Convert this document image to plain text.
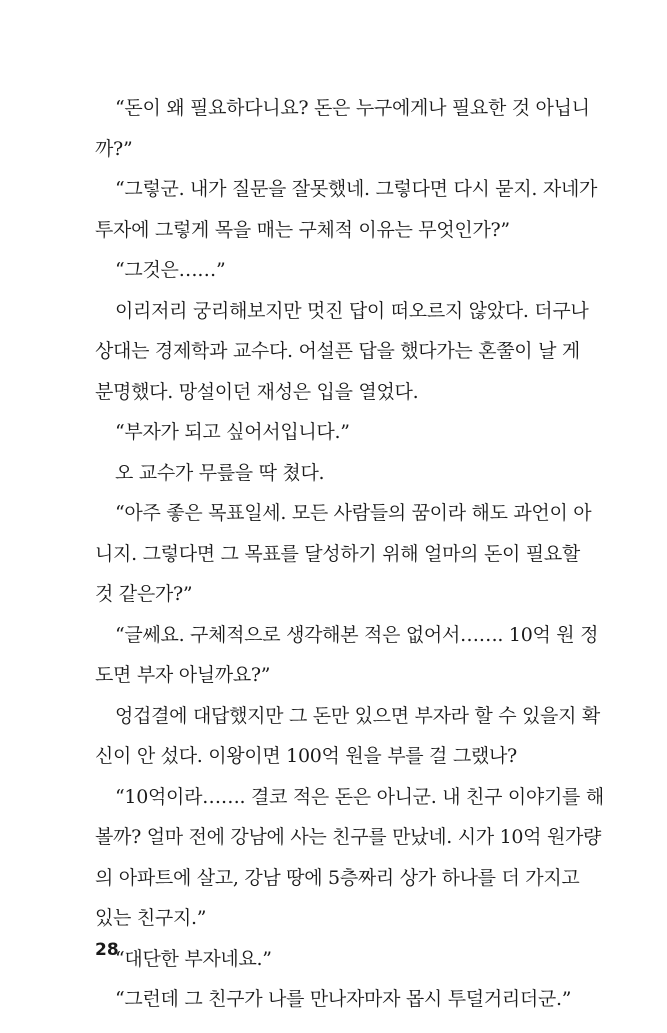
“돈이 왜 필요하다니요? 돈은 누구에게나 필요한 것 아닙니
까?”

“그렇군. 내가 질문을 잘못했네. 그렇다면 다시 묻지. 자네가
투자에 그렇게 목을 매는 구체적 이유는 무엇인가?”

“그것은……”

이리저리 궁리해보지만 멋진 답이 떠오르지 않았다. 더구나
상대는 경제학과 교수다. 어설픈 답을 했다가는 혼쭐이 날 게
분명했다. 망설이던 재성은 입을 열었다.

“부자가 되고 싶어서입니다.”

오 교수가 무릎을 딱 쳤다.

“아주 좋은 목표일세. 모든 사람들의 꿈이라 해도 과언이 아
니지. 그렇다면 그 목표를 달성하기 위해 얼마의 돈이 필요할
것 같은가?”

“글쎄요. 구체적으로 생각해본 적은 없어서……. 10억 원 정
도면 부자 아닐까요?”

엉겁결에 대답했지만 그 돈만 있으면 부자라 할 수 있을지 확
신이 안 섰다. 이왕이면 100억 원을 부를 걸 그랬나?

“10억이라……. 결코 적은 돈은 아니군. 내 친구 이야기를 해
볼까? 얼마 전에 강남에 사는 친구를 만났네. 시가 10억 원가량
의 아파트에 살고, 강남 땅에 5층짜리 상가 하나를 더 가지고
있는 친구지.”

“대단한 부자네요.”

“그런데 그 친구가 나를 만나자마자 몹시 투덜거리더군.”

28
